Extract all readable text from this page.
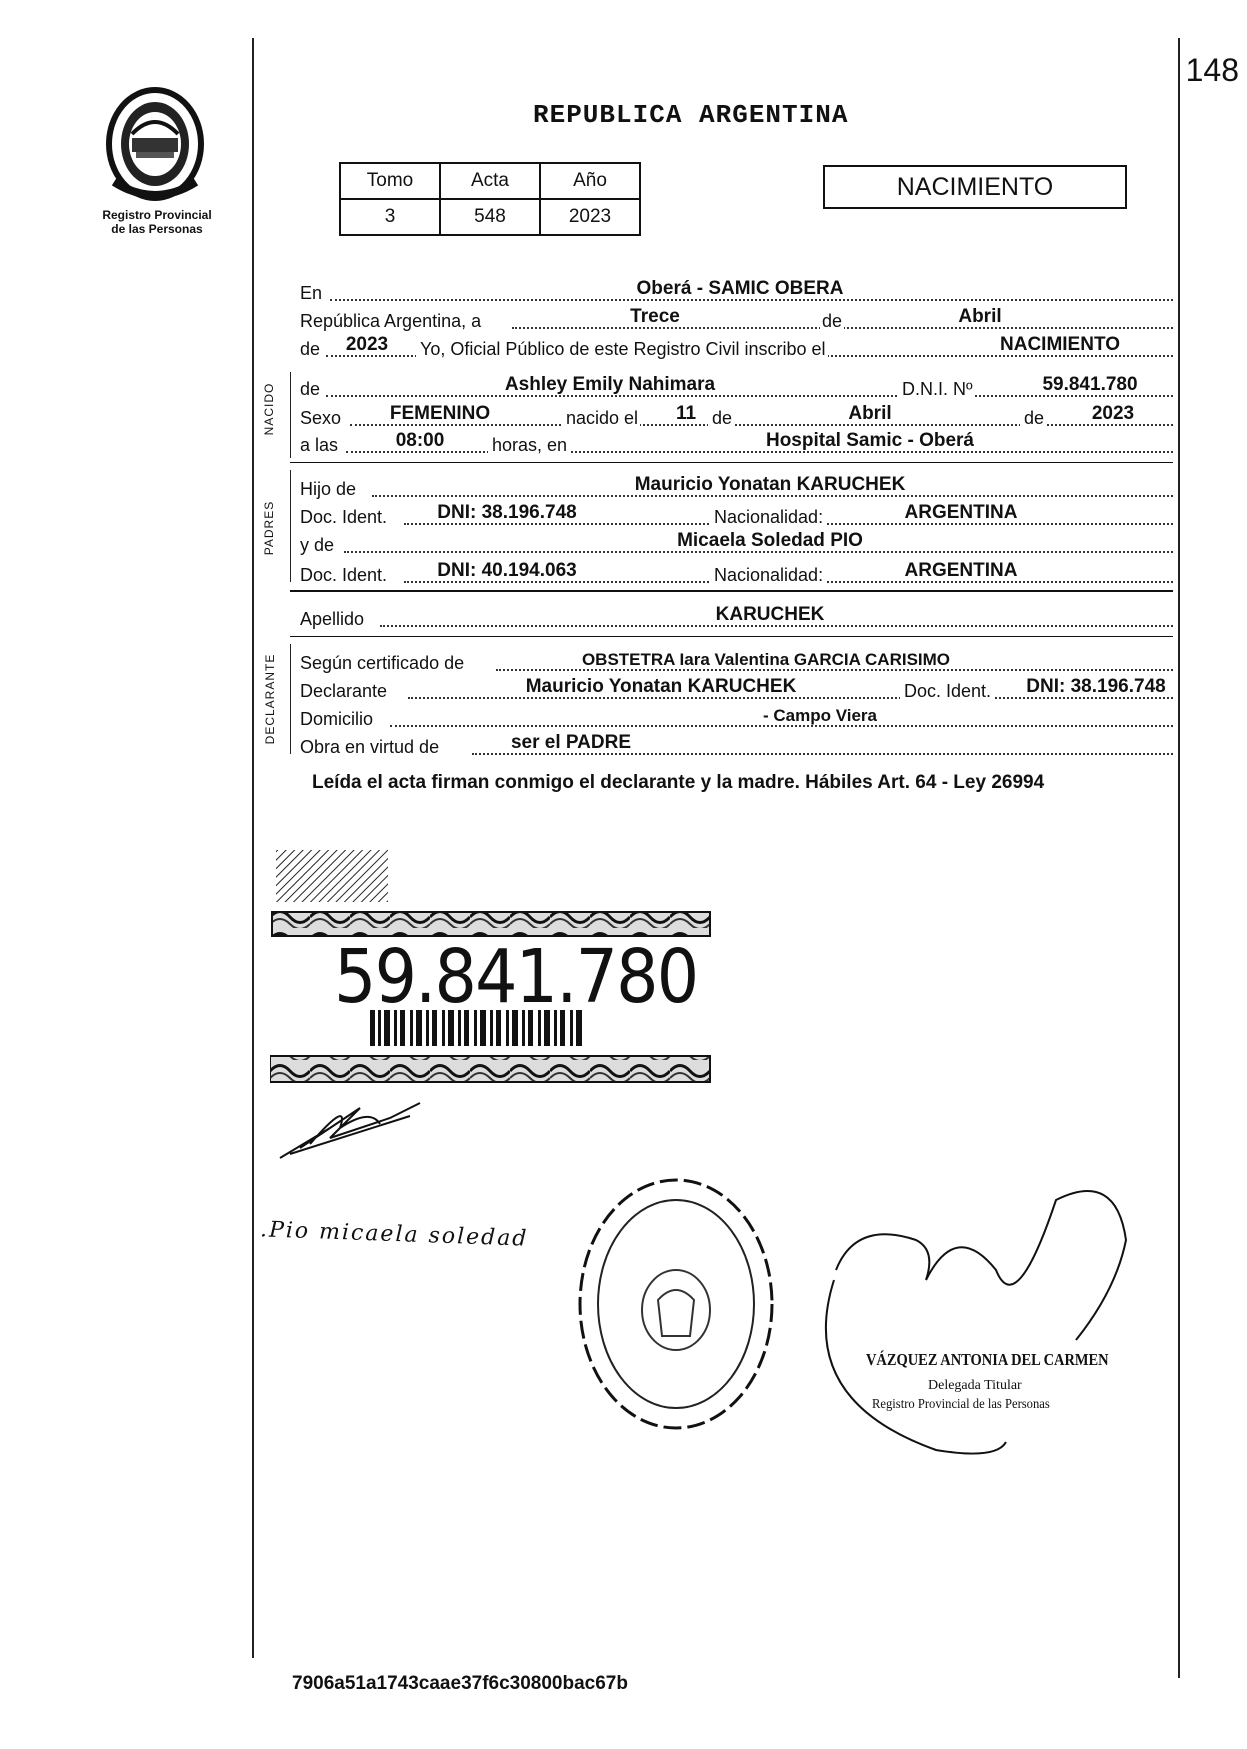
148
Registro Provincial
de las Personas
REPUBLICA ARGENTINA
Tomo	Acta	Año
3	548	2023
NACIMIENTO
En	Oberá - SAMIC OBERA
República Argentina, a	Trece	de	Abril
de	2023	Yo, Oficial Público de este Registro Civil inscribo el	NACIMIENTO
NACIDO de	Ashley Emily Nahimara	D.N.I. Nº	59.841.780
Sexo	FEMENINO	nacido el	11 de	Abril	de	2023
a las	08:00	horas, en	Hospital Samic - Oberá
PADRES
Hijo de	Mauricio Yonatan KARUCHEK
Doc. Ident.	DNI: 38.196.748	Nacionalidad:	ARGENTINA
y de	Micaela Soledad PIO
Doc. Ident.	DNI: 40.194.063	Nacionalidad:	ARGENTINA
Apellido	KARUCHEK
DECLARANTE Según certificado de	OBSTETRA Iara Valentina GARCIA CARISIMO
Declarante	Mauricio Yonatan KARUCHEK	Doc. Ident.	DNI: 38.196.748
Domicilio	- Campo Viera
Obra en virtud de	ser el PADRE
Leída el acta firman conmigo el declarante y la madre. Hábiles Art. 64 - Ley 26994
59.841.780
.Pio micaela soledad
VÁZQUEZ ANTONIA DEL CARMEN
Delegada Titular
Registro Provincial de las Personas
7906a51a1743caae37f6c30800bac67b
